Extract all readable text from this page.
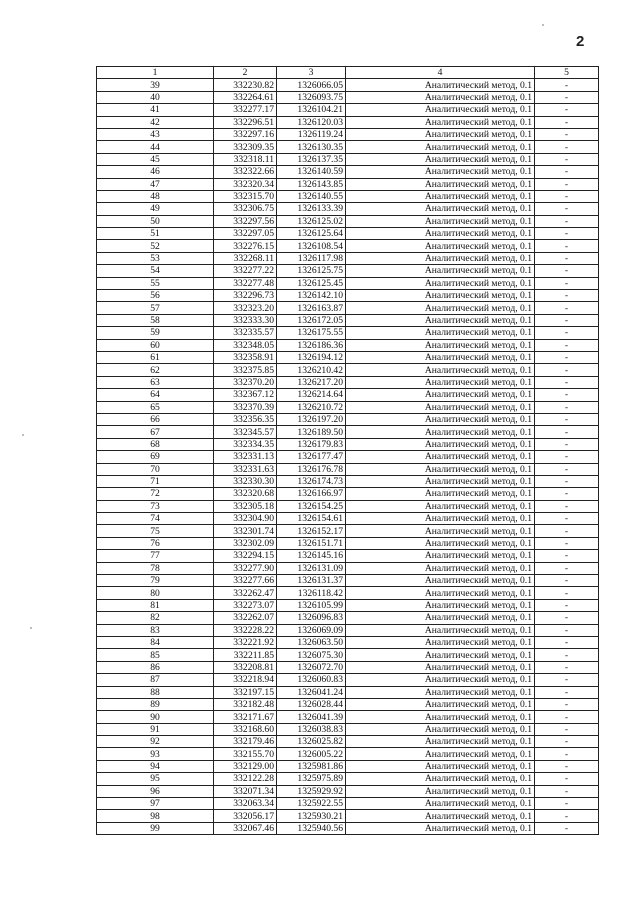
2
1	2	3	4	5
39	332230.82	1326066.05	Аналитический метод, 0.1	-
40	332264.61	1326093.75	Аналитический метод, 0.1	-
41	332277.17	1326104.21	Аналитический метод, 0.1	-
42	332296.51	1326120.03	Аналитический метод, 0.1	-
43	332297.16	1326119.24	Аналитический метод, 0.1	-
44	332309.35	1326130.35	Аналитический метод, 0.1	-
45	332318.11	1326137.35	Аналитический метод, 0.1	-
46	332322.66	1326140.59	Аналитический метод, 0.1	-
47	332320.34	1326143.85	Аналитический метод, 0.1	-
48	332315.70	1326140.55	Аналитический метод, 0.1	-
49	332306.75	1326133.39	Аналитический метод, 0.1	-
50	332297.56	1326125.02	Аналитический метод, 0.1	-
51	332297.05	1326125.64	Аналитический метод, 0.1	-
52	332276.15	1326108.54	Аналитический метод, 0.1	-
53	332268.11	1326117.98	Аналитический метод, 0.1	-
54	332277.22	1326125.75	Аналитический метод, 0.1	-
55	332277.48	1326125.45	Аналитический метод, 0.1	-
56	332296.73	1326142.10	Аналитический метод, 0.1	-
57	332323.20	1326163.87	Аналитический метод, 0.1	-
58	332333.30	1326172.05	Аналитический метод, 0.1	-
59	332335.57	1326175.55	Аналитический метод, 0.1	-
60	332348.05	1326186.36	Аналитический метод, 0.1	-
61	332358.91	1326194.12	Аналитический метод, 0.1	-
62	332375.85	1326210.42	Аналитический метод, 0.1	-
63	332370.20	1326217.20	Аналитический метод, 0.1	-
64	332367.12	1326214.64	Аналитический метод, 0.1	-
65	332370.39	1326210.72	Аналитический метод, 0.1	-
66	332356.35	1326197.20	Аналитический метод, 0.1	-
67	332345.57	1326189.50	Аналитический метод, 0.1	-
68	332334.35	1326179.83	Аналитический метод, 0.1	-
69	332331.13	1326177.47	Аналитический метод, 0.1	-
70	332331.63	1326176.78	Аналитический метод, 0.1	-
71	332330.30	1326174.73	Аналитический метод, 0.1	-
72	332320.68	1326166.97	Аналитический метод, 0.1	-
73	332305.18	1326154.25	Аналитический метод, 0.1	-
74	332304.90	1326154.61	Аналитический метод, 0.1	-
75	332301.74	1326152.17	Аналитический метод, 0.1	-
76	332302.09	1326151.71	Аналитический метод, 0.1	-
77	332294.15	1326145.16	Аналитический метод, 0.1	-
78	332277.90	1326131.09	Аналитический метод, 0.1	-
79	332277.66	1326131.37	Аналитический метод, 0.1	-
80	332262.47	1326118.42	Аналитический метод, 0.1	-
81	332273.07	1326105.99	Аналитический метод, 0.1	-
82	332262.07	1326096.83	Аналитический метод, 0.1	-
83	332228.22	1326069.09	Аналитический метод, 0.1	-
84	332221.92	1326063.50	Аналитический метод, 0.1	-
85	332211.85	1326075.30	Аналитический метод, 0.1	-
86	332208.81	1326072.70	Аналитический метод, 0.1	-
87	332218.94	1326060.83	Аналитический метод, 0.1	-
88	332197.15	1326041.24	Аналитический метод, 0.1	-
89	332182.48	1326028.44	Аналитический метод, 0.1	-
90	332171.67	1326041.39	Аналитический метод, 0.1	-
91	332168.60	1326038.83	Аналитический метод, 0.1	-
92	332179.46	1326025.82	Аналитический метод, 0.1	-
93	332155.70	1326005.22	Аналитический метод, 0.1	-
94	332129.00	1325981.86	Аналитический метод, 0.1	-
95	332122.28	1325975.89	Аналитический метод, 0.1	-
96	332071.34	1325929.92	Аналитический метод, 0.1	-
97	332063.34	1325922.55	Аналитический метод, 0.1	-
98	332056.17	1325930.21	Аналитический метод, 0.1	-
99	332067.46	1325940.56	Аналитический метод, 0.1	-
